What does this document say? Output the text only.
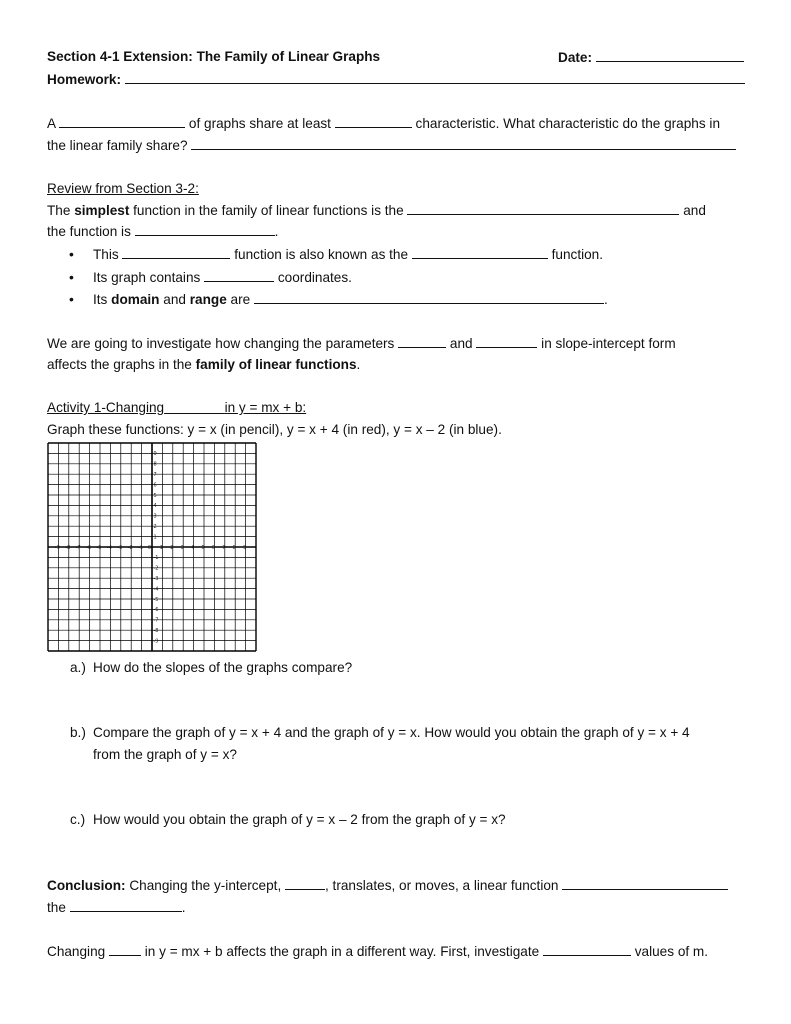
Section 4-1 Extension: The Family of Linear Graphs	Date:
Homework:
A	of graphs share at least	characteristic. What characteristic do the graphs in
the linear family share?
Review from Section 3-2:
The simplest function in the family of linear functions is the	and
the function is	.
• This	function is also known as the	function.
• Its graph contains	coordinates.
• Its domain and range are	.
We are going to investigate how changing the parameters	and	in slope-intercept form
affects the graphs in the family of linear functions.
Activity 1-Changing	in y = mx + b:
Graph these functions: y = x (in pencil), y = x + 4 (in red), y = x – 2 (in blue).
-9 -8 -7 -6 -5 -4 -3 -2 -1 0 1 2 3 4 5 6 7 8 9
9
8
7
6
5
4
3
2
1
-1
-2
-3
-4
-5
-6
-7
-8
-9
a.) How do the slopes of the graphs compare?
b.) Compare the graph of y = x + 4 and the graph of y = x. How would you obtain the graph of y = x + 4
from the graph of y = x?
c.) How would you obtain the graph of y = x – 2 from the graph of y = x?
Conclusion: Changing the y-intercept,	, translates, or moves, a linear function
the	.
Changing	in y = mx + b affects the graph in a different way. First, investigate	values of m.
